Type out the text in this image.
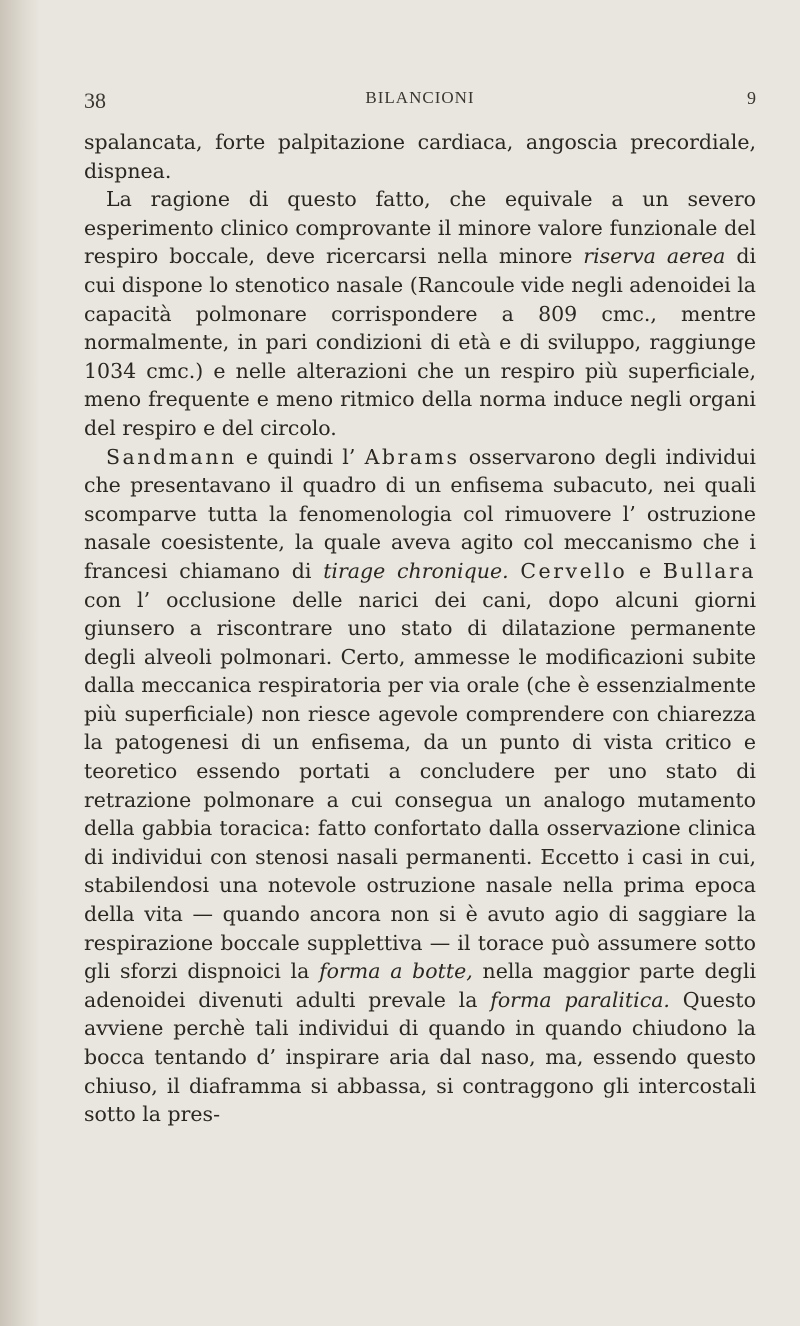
38	BILANCIONI	9

spalancata, forte palpitazione cardiaca, angoscia precordiale, dispnea.

La ragione di questo fatto, che equivale a un severo esperimento clinico comprovante il minore valore funzionale del respiro boccale, deve ricercarsi nella minore riserva aerea di cui dispone lo stenotico nasale (Rancoule vide negli adenoidei la capacità polmonare corrispondere a 809 cmc., mentre normalmente, in pari condizioni di età e di sviluppo, raggiunge 1034 cmc.) e nelle alterazioni che un respiro più superficiale, meno frequente e meno ritmico della norma induce negli organi del respiro e del circolo.

Sandmann e quindi l’ Abrams osservarono degli individui che presentavano il quadro di un enfisema subacuto, nei quali scomparve tutta la fenomenologia col rimuovere l’ ostruzione nasale coesistente, la quale aveva agito col meccanismo che i francesi chiamano di tirage chronique. Cervello e Bullara con l’ occlusione delle narici dei cani, dopo alcuni giorni giunsero a riscontrare uno stato di dilatazione permanente degli alveoli polmonari. Certo, ammesse le modificazioni subite dalla meccanica respiratoria per via orale (che è essenzialmente più superficiale) non riesce agevole comprendere con chiarezza la patogenesi di un enfisema, da un punto di vista critico e teoretico essendo portati a concludere per uno stato di retrazione polmonare a cui consegua un analogo mutamento della gabbia toracica: fatto confortato dalla osservazione clinica di individui con stenosi nasali permanenti. Eccetto i casi in cui, stabilendosi una notevole ostruzione nasale nella prima epoca della vita — quando ancora non si è avuto agio di saggiare la respirazione boccale supplettiva — il torace può assumere sotto gli sforzi dispnoici la forma a botte, nella maggior parte degli adenoidei divenuti adulti prevale la forma paralitica. Questo avviene perchè tali individui di quando in quando chiudono la bocca tentando d’ inspirare aria dal naso, ma, essendo questo chiuso, il diaframma si abbassa, si contraggono gli intercostali sotto la pres-
